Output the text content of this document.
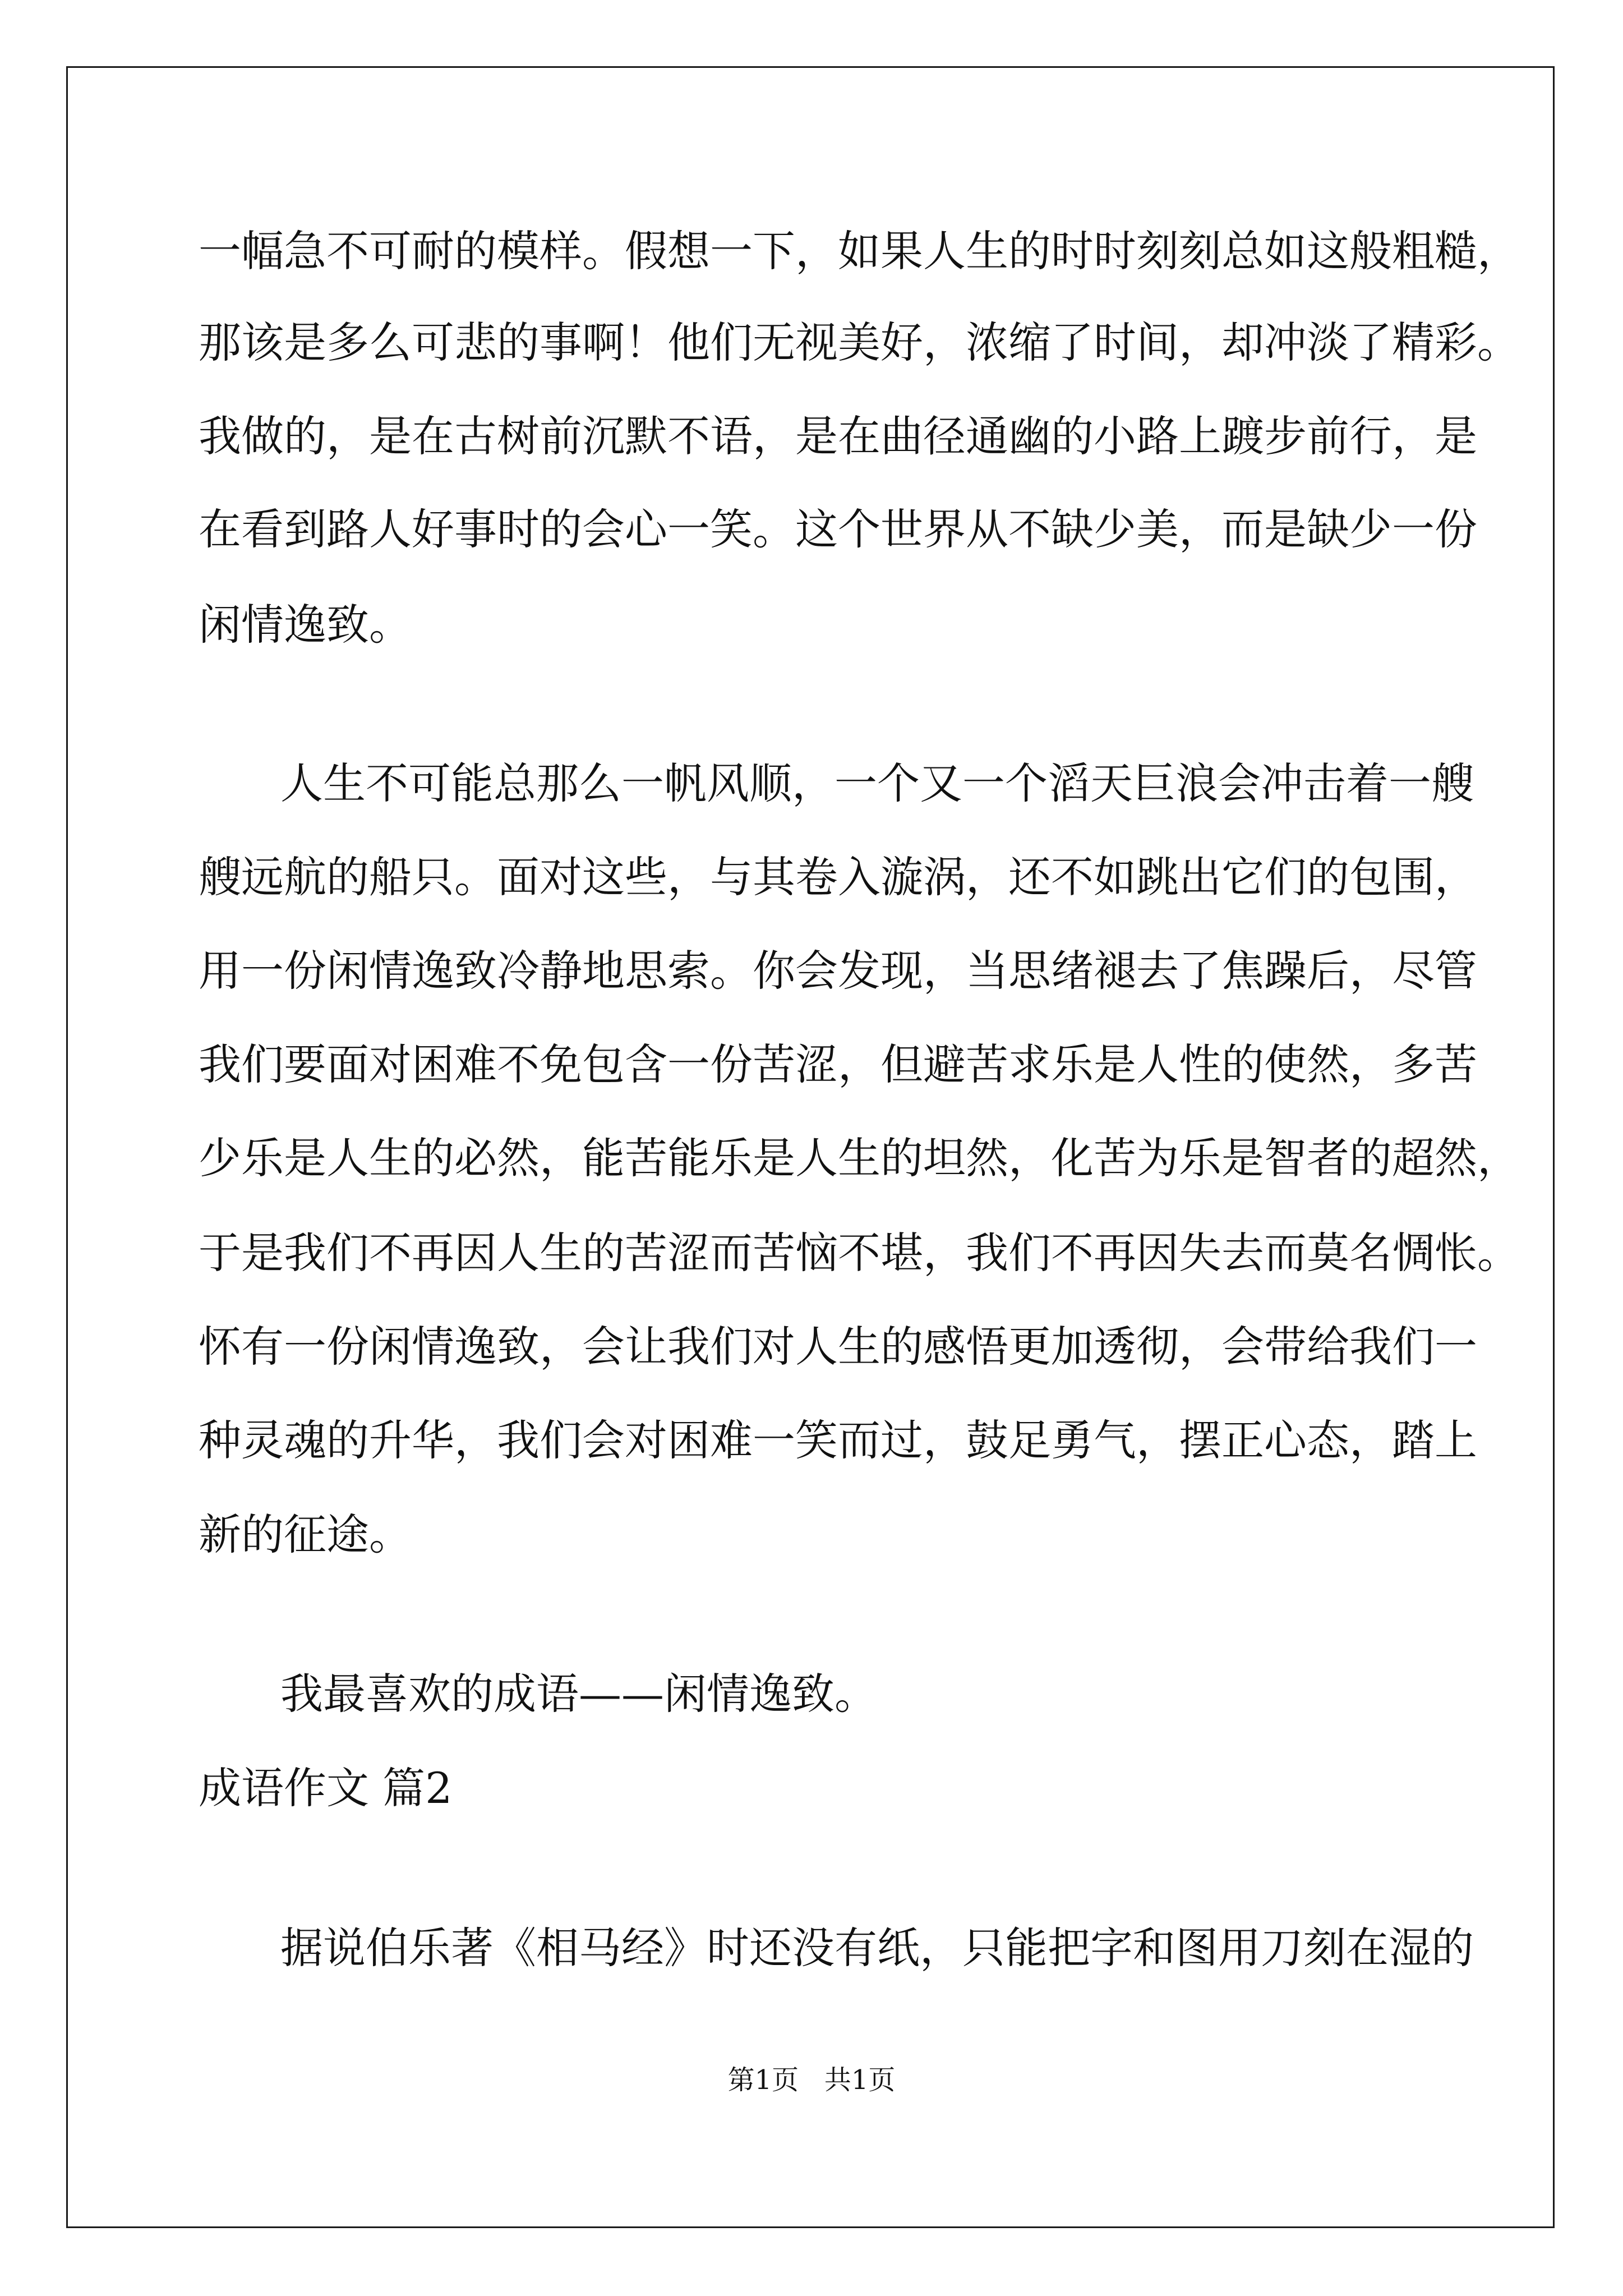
一幅急不可耐的模样。假想一下，如果人生的时时刻刻总如这般粗糙，

那该是多么可悲的事啊！他们无视美好，浓缩了时间，却冲淡了精彩。

我做的，是在古树前沉默不语，是在曲径通幽的小路上踱步前行，是

在看到路人好事时的会心一笑。这个世界从不缺少美，而是缺少一份

闲情逸致。

人生不可能总那么一帆风顺，一个又一个滔天巨浪会冲击着一艘

艘远航的船只。面对这些，与其卷入漩涡，还不如跳出它们的包围，

用一份闲情逸致冷静地思索。你会发现，当思绪褪去了焦躁后，尽管

我们要面对困难不免包含一份苦涩，但避苦求乐是人性的使然，多苦

少乐是人生的必然，能苦能乐是人生的坦然，化苦为乐是智者的超然，

于是我们不再因人生的苦涩而苦恼不堪，我们不再因失去而莫名惆怅。

怀有一份闲情逸致，会让我们对人生的感悟更加透彻，会带给我们一

种灵魂的升华，我们会对困难一笑而过，鼓足勇气，摆正心态，踏上

新的征途。

我最喜欢的成语——闲情逸致。

成语作文 篇2

据说伯乐著《相马经》时还没有纸，只能把字和图用刀刻在湿的

第1页   共1页
